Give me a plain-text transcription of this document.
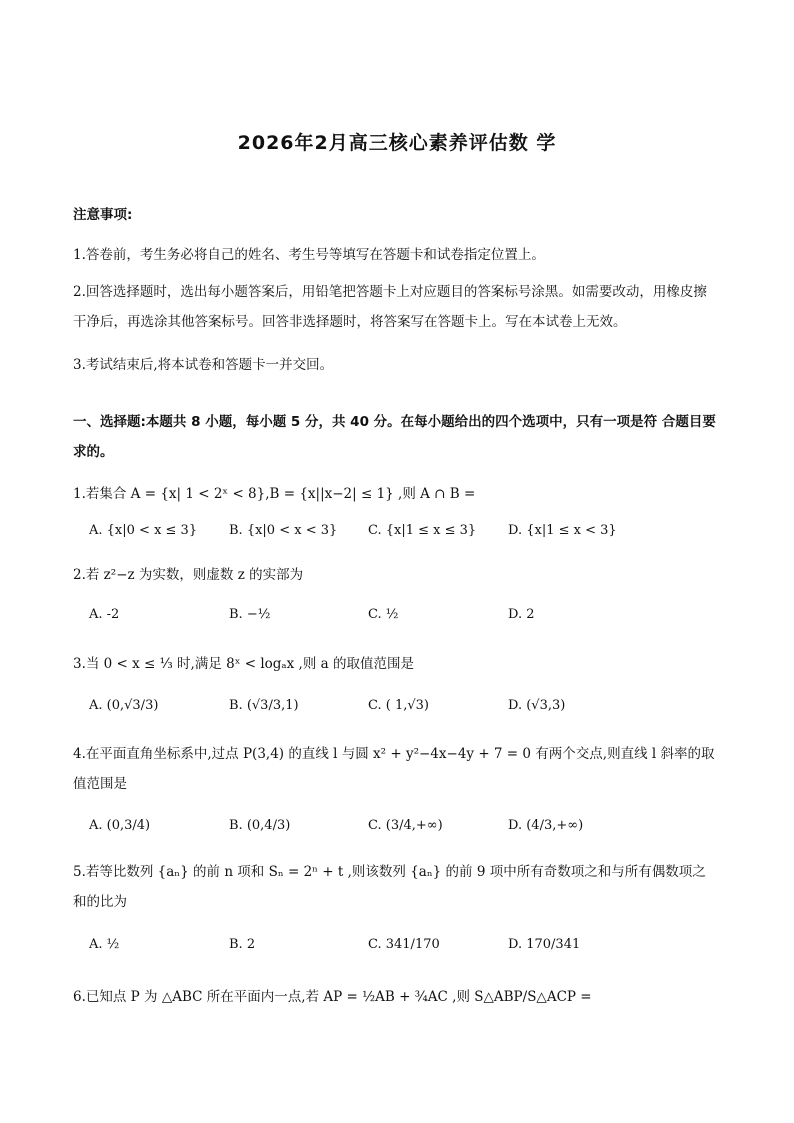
2026年2月高三核心素养评估数 学
注意事项:
1.答卷前，考生务必将自己的姓名、考生号等填写在答题卡和试卷指定位置上。
2.回答选择题时，选出每小题答案后，用铅笔把答题卡上对应题目的答案标号涂黑。如需要改动，用橡皮擦干净后，再选涂其他答案标号。回答非选择题时，将答案写在答题卡上。写在本试卷上无效。
3.考试结束后,将本试卷和答题卡一并交回。
一、选择题:本题共 8 小题，每小题 5 分，共 40 分。在每小题给出的四个选项中，只有一项是符 合题目要求的。
1.若集合 A = {x| 1 < 2ˣ < 8},B = {x||x−2| ≤ 1} ,则 A ∩ B =
A. {x|0 < x ≤ 3} B. {x|0 < x < 3} C. {x|1 ≤ x ≤ 3} D. {x|1 ≤ x < 3}
2.若 z²−z 为实数，则虚数 z 的实部为
A. -2	B. −½	C. ½	D. 2
3.当 0 < x ≤ ⅓ 时,满足 8ˣ < logₐx ,则 a 的取值范围是
A. (0,√3/3)	B. (√3/3,1)	C. ( 1,√3)	D. (√3,3)
4.在平面直角坐标系中,过点 P(3,4) 的直线 l 与圆 x² + y²−4x−4y + 7 = 0 有两个交点,则直线 l 斜率的取值范围是
A. (0,3/4)	B. (0,4/3)	C. (3/4,+∞)	D. (4/3,+∞)
5.若等比数列 {aₙ} 的前 n 项和 Sₙ = 2ⁿ + t ,则该数列 {aₙ} 的前 9 项中所有奇数项之和与所有偶数项之和的比为
A. ½	B. 2	C. 341/170	D. 170/341
6.已知点 P 为 △ABC 所在平面内一点,若 AP = ½AB + ¾AC ,则 S△ABP/S△ACP =
